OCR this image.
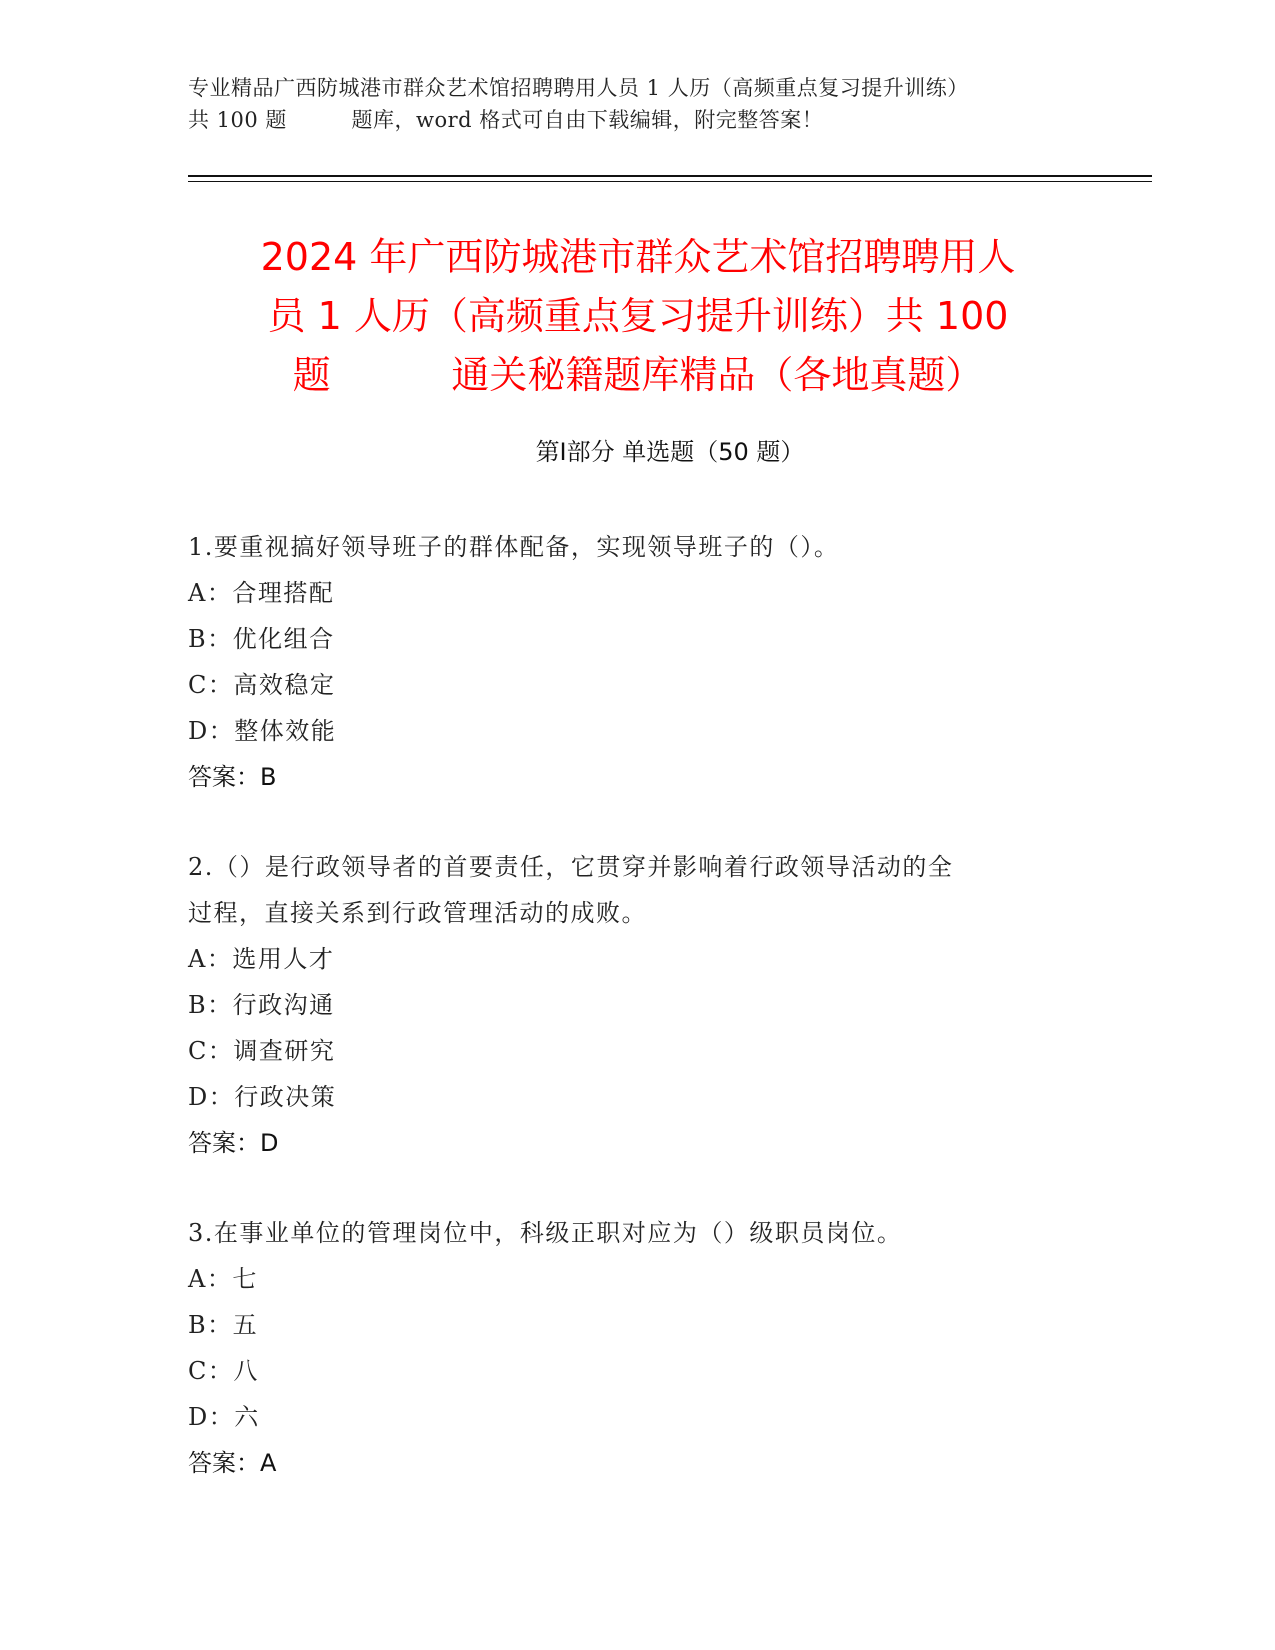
专业精品广西防城港市群众艺术馆招聘聘用人员 1 人历（高频重点复习提升训练）
共 100 题         题库，word 格式可自由下载编辑，附完整答案！
2024 年广西防城港市群众艺术馆招聘聘用人
员 1 人历（高频重点复习提升训练）共 100
题          通关秘籍题库精品（各地真题）
第Ⅰ部分 单选题（50 题）
1.要重视搞好领导班子的群体配备，实现领导班子的（）。
A：合理搭配
B：优化组合
C：高效稳定
D：整体效能
答案：B
2.（）是行政领导者的首要责任，它贯穿并影响着行政领导活动的全
过程，直接关系到行政管理活动的成败。
A：选用人才
B：行政沟通
C：调查研究
D：行政决策
答案：D
3.在事业单位的管理岗位中，科级正职对应为（）级职员岗位。
A：七
B：五
C：八
D：六
答案：A
